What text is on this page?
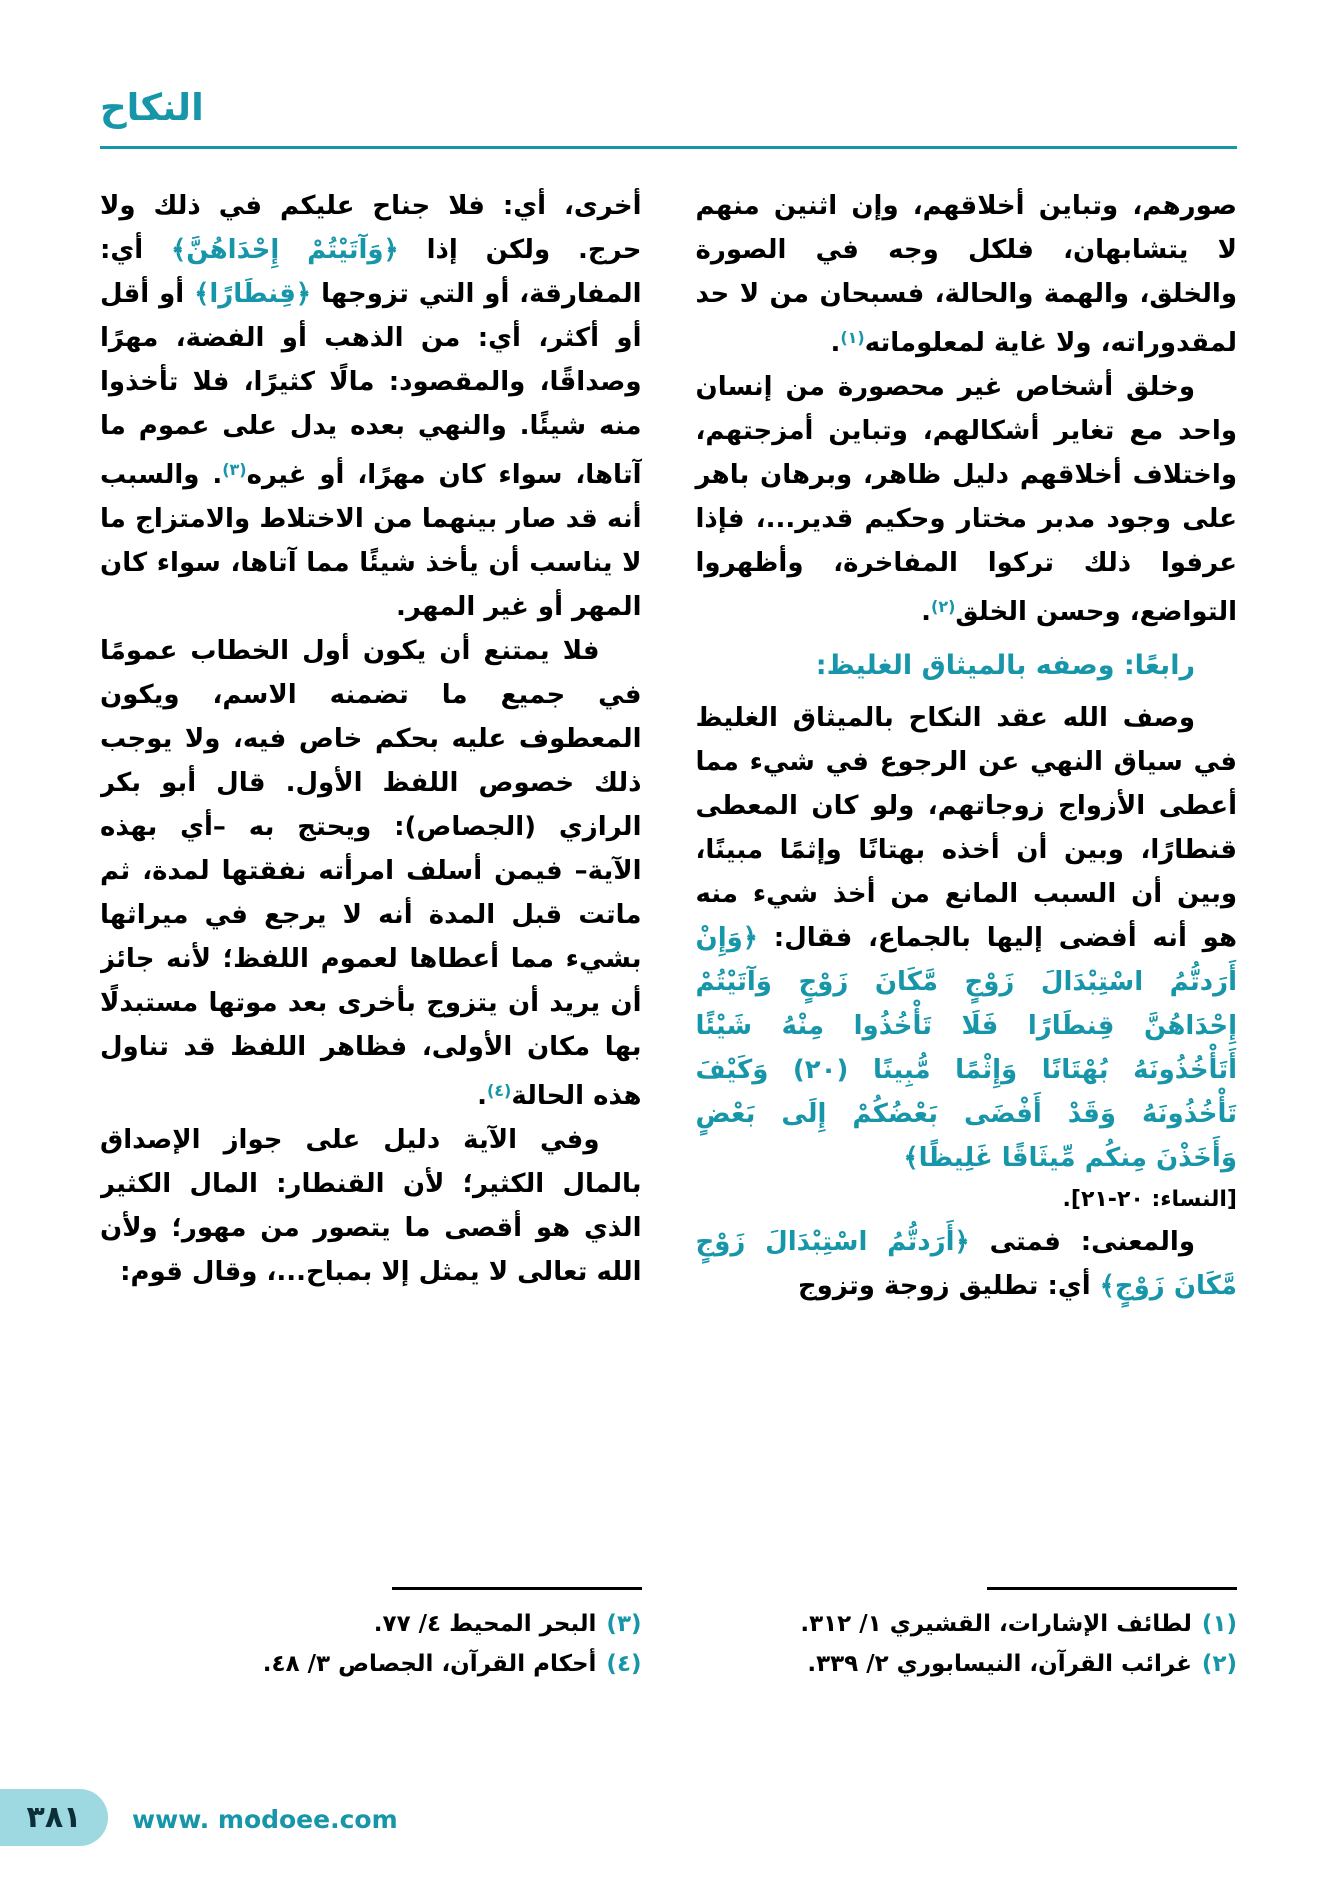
النكاح

صورهم، وتباين أخلاقهم، وإن اثنين منهم لا يتشابهان، فلكل وجه في الصورة والخلق، والهمة والحالة، فسبحان من لا حد لمقدوراته، ولا غاية لمعلوماته$^{(١)}$.

وخلق أشخاص غير محصورة من إنسان واحد مع تغاير أشكالهم، وتباين أمزجتهم، واختلاف أخلاقهم دليل ظاهر، وبرهان باهر على وجود مدبر مختار وحكيم قدير...، فإذا عرفوا ذلك تركوا المفاخرة، وأظهروا التواضع، وحسن الخلق$^{(٢)}$.

رابعًا: وصفه بالميثاق الغليظ:

وصف الله عقد النكاح بالميثاق الغليظ في سياق النهي عن الرجوع في شيء مما أعطى الأزواج زوجاتهم، ولو كان المعطى قنطارًا، وبين أن أخذه بهتانًا وإثمًا مبينًا، وبين أن السبب المانع من أخذ شيء منه هو أنه أفضى إليها بالجماع، فقال: ﴿وَإِنْ أَرَدتُّمُ اسْتِبْدَالَ زَوْجٍ مَّكَانَ زَوْجٍ وَآتَيْتُمْ إِحْدَاهُنَّ قِنطَارًا فَلَا تَأْخُذُوا مِنْهُ شَيْئًا أَتَأْخُذُونَهُ بُهْتَانًا وَإِثْمًا مُّبِينًا (٢٠) وَكَيْفَ تَأْخُذُونَهُ وَقَدْ أَفْضَى بَعْضُكُمْ إِلَى بَعْضٍ وَأَخَذْنَ مِنكُم مِّيثَاقًا غَلِيظًا﴾

[النساء: ٢٠-٢١].

والمعنى: فمتى ﴿أَرَدتُّمُ اسْتِبْدَالَ زَوْجٍ مَّكَانَ زَوْجٍ﴾ أي: تطليق زوجة وتزوج

(١)لطائف الإشارات، القشيري ١/ ٣١٢.

(٢)غرائب القرآن، النيسابوري ٢/ ٣٣٩.

أخرى، أي: فلا جناح عليكم في ذلك ولا حرج. ولكن إذا ﴿وَآتَيْتُمْ إِحْدَاهُنَّ﴾ أي: المفارقة، أو التي تزوجها ﴿قِنطَارًا﴾ أو أقل أو أكثر، أي: من الذهب أو الفضة، مهرًا وصداقًا، والمقصود: مالًا كثيرًا، فلا تأخذوا منه شيئًا. والنهي بعده يدل على عموم ما آتاها، سواء كان مهرًا، أو غيره$^{(٣)}$. والسبب أنه قد صار بينهما من الاختلاط والامتزاج ما لا يناسب أن يأخذ شيئًا مما آتاها، سواء كان المهر أو غير المهر.

فلا يمتنع أن يكون أول الخطاب عمومًا في جميع ما تضمنه الاسم، ويكون المعطوف عليه بحكم خاص فيه، ولا يوجب ذلك خصوص اللفظ الأول. قال أبو بكر الرازي (الجصاص): ويحتج به –أي بهذه الآية– فيمن أسلف امرأته نفقتها لمدة، ثم ماتت قبل المدة أنه لا يرجع في ميراثها بشيء مما أعطاها لعموم اللفظ؛ لأنه جائز أن يريد أن يتزوج بأخرى بعد موتها مستبدلًا بها مكان الأولى، فظاهر اللفظ قد تناول هذه الحالة$^{(٤)}$.

وفي الآية دليل على جواز الإصداق بالمال الكثير؛ لأن القنطار: المال الكثير الذي هو أقصى ما يتصور من مهور؛ ولأن الله تعالى لا يمثل إلا بمباح...، وقال قوم:

(٣)البحر المحيط ٤/ ٧٧.

(٤)أحكام القرآن، الجصاص ٣/ ٤٨.

٣٨١ www. modoee.com
